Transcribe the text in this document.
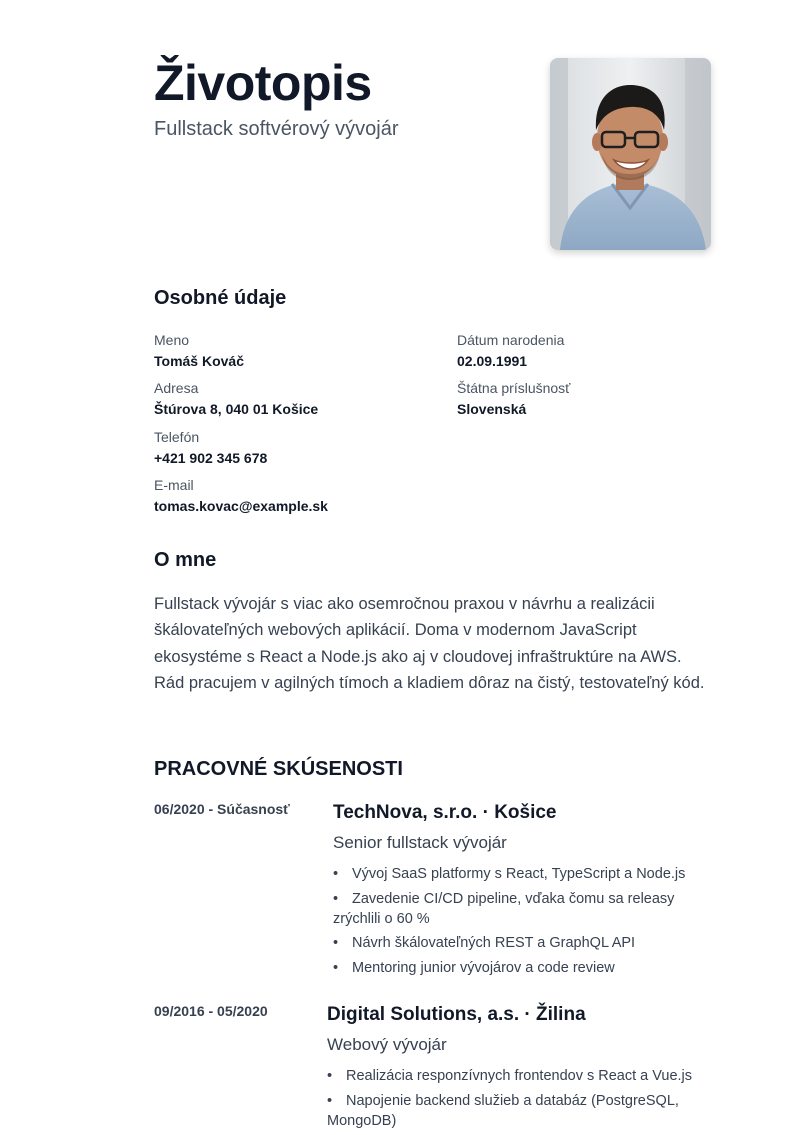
Životopis
Fullstack softvérový vývojár
Osobné údaje
Meno
Tomáš Kováč
Dátum narodenia
02.09.1991
Adresa
Štúrova 8, 040 01 Košice
Štátna príslušnosť
Slovenská
Telefón
+421 902 345 678
E-mail
tomas.kovac@example.sk
O mne

Fullstack vývojár s viac ako osemročnou praxou v návrhu a realizácii škálovateľných webových aplikácií. Doma v modernom JavaScript ekosystéme s React a Node.js ako aj v cloudovej infraštruktúre na AWS. Rád pracujem v agilných tímoch a kladiem dôraz na čistý, testovateľný kód.

PRACOVNÉ SKÚSENOSTI
06/2020 - Súčasnosť TechNova, s.r.o. · Košice
Senior fullstack vývojár
• Vývoj SaaS platformy s React, TypeScript a Node.js
• Zavedenie CI/CD pipeline, vďaka čomu sa releasy zrýchlili o 60 %
• Návrh škálovateľných REST a GraphQL API
• Mentoring junior vývojárov a code review
09/2016 - 05/2020	Digital Solutions, a.s. · Žilina
Webový vývojár
• Realizácia responzívnych frontendov s React a Vue.js
• Napojenie backend služieb a databáz (PostgreSQL, MongoDB)
